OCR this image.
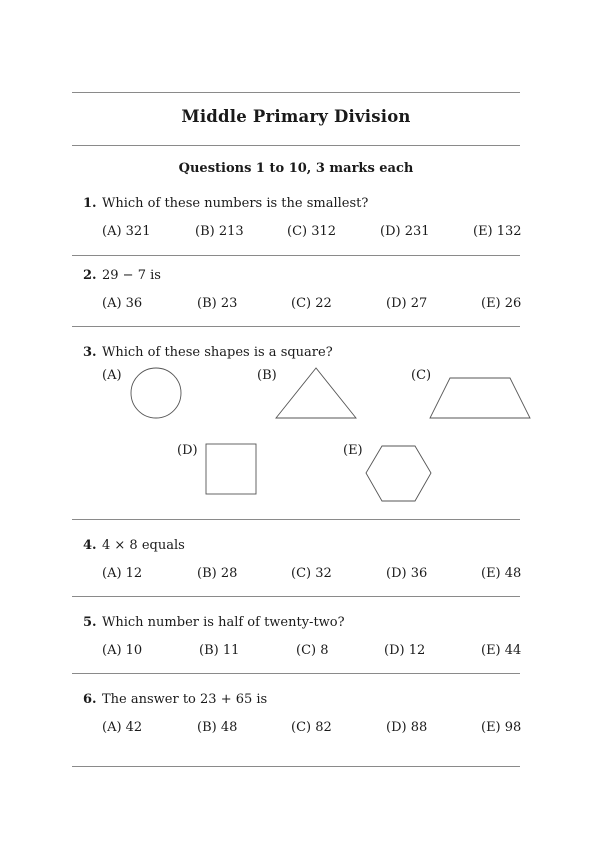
Middle Primary Division
Questions 1 to 10, 3 marks each
1. Which of these numbers is the smallest?
(A) 321	(B) 213	(C) 312	(D) 231	(E) 132
2. 29 − 7 is
(A) 36	(B) 23	(C) 22	(D) 27	(E) 26
3. Which of these shapes is a square?
(A)	(B)	(C)
(D)	(E)
4. 4 × 8 equals
(A) 12	(B) 28	(C) 32	(D) 36	(E) 48
5. Which number is half of twenty-two?
(A) 10	(B) 11	(C) 8	(D) 12	(E) 44
6. The answer to 23 + 65 is
(A) 42	(B) 48	(C) 82	(D) 88	(E) 98
